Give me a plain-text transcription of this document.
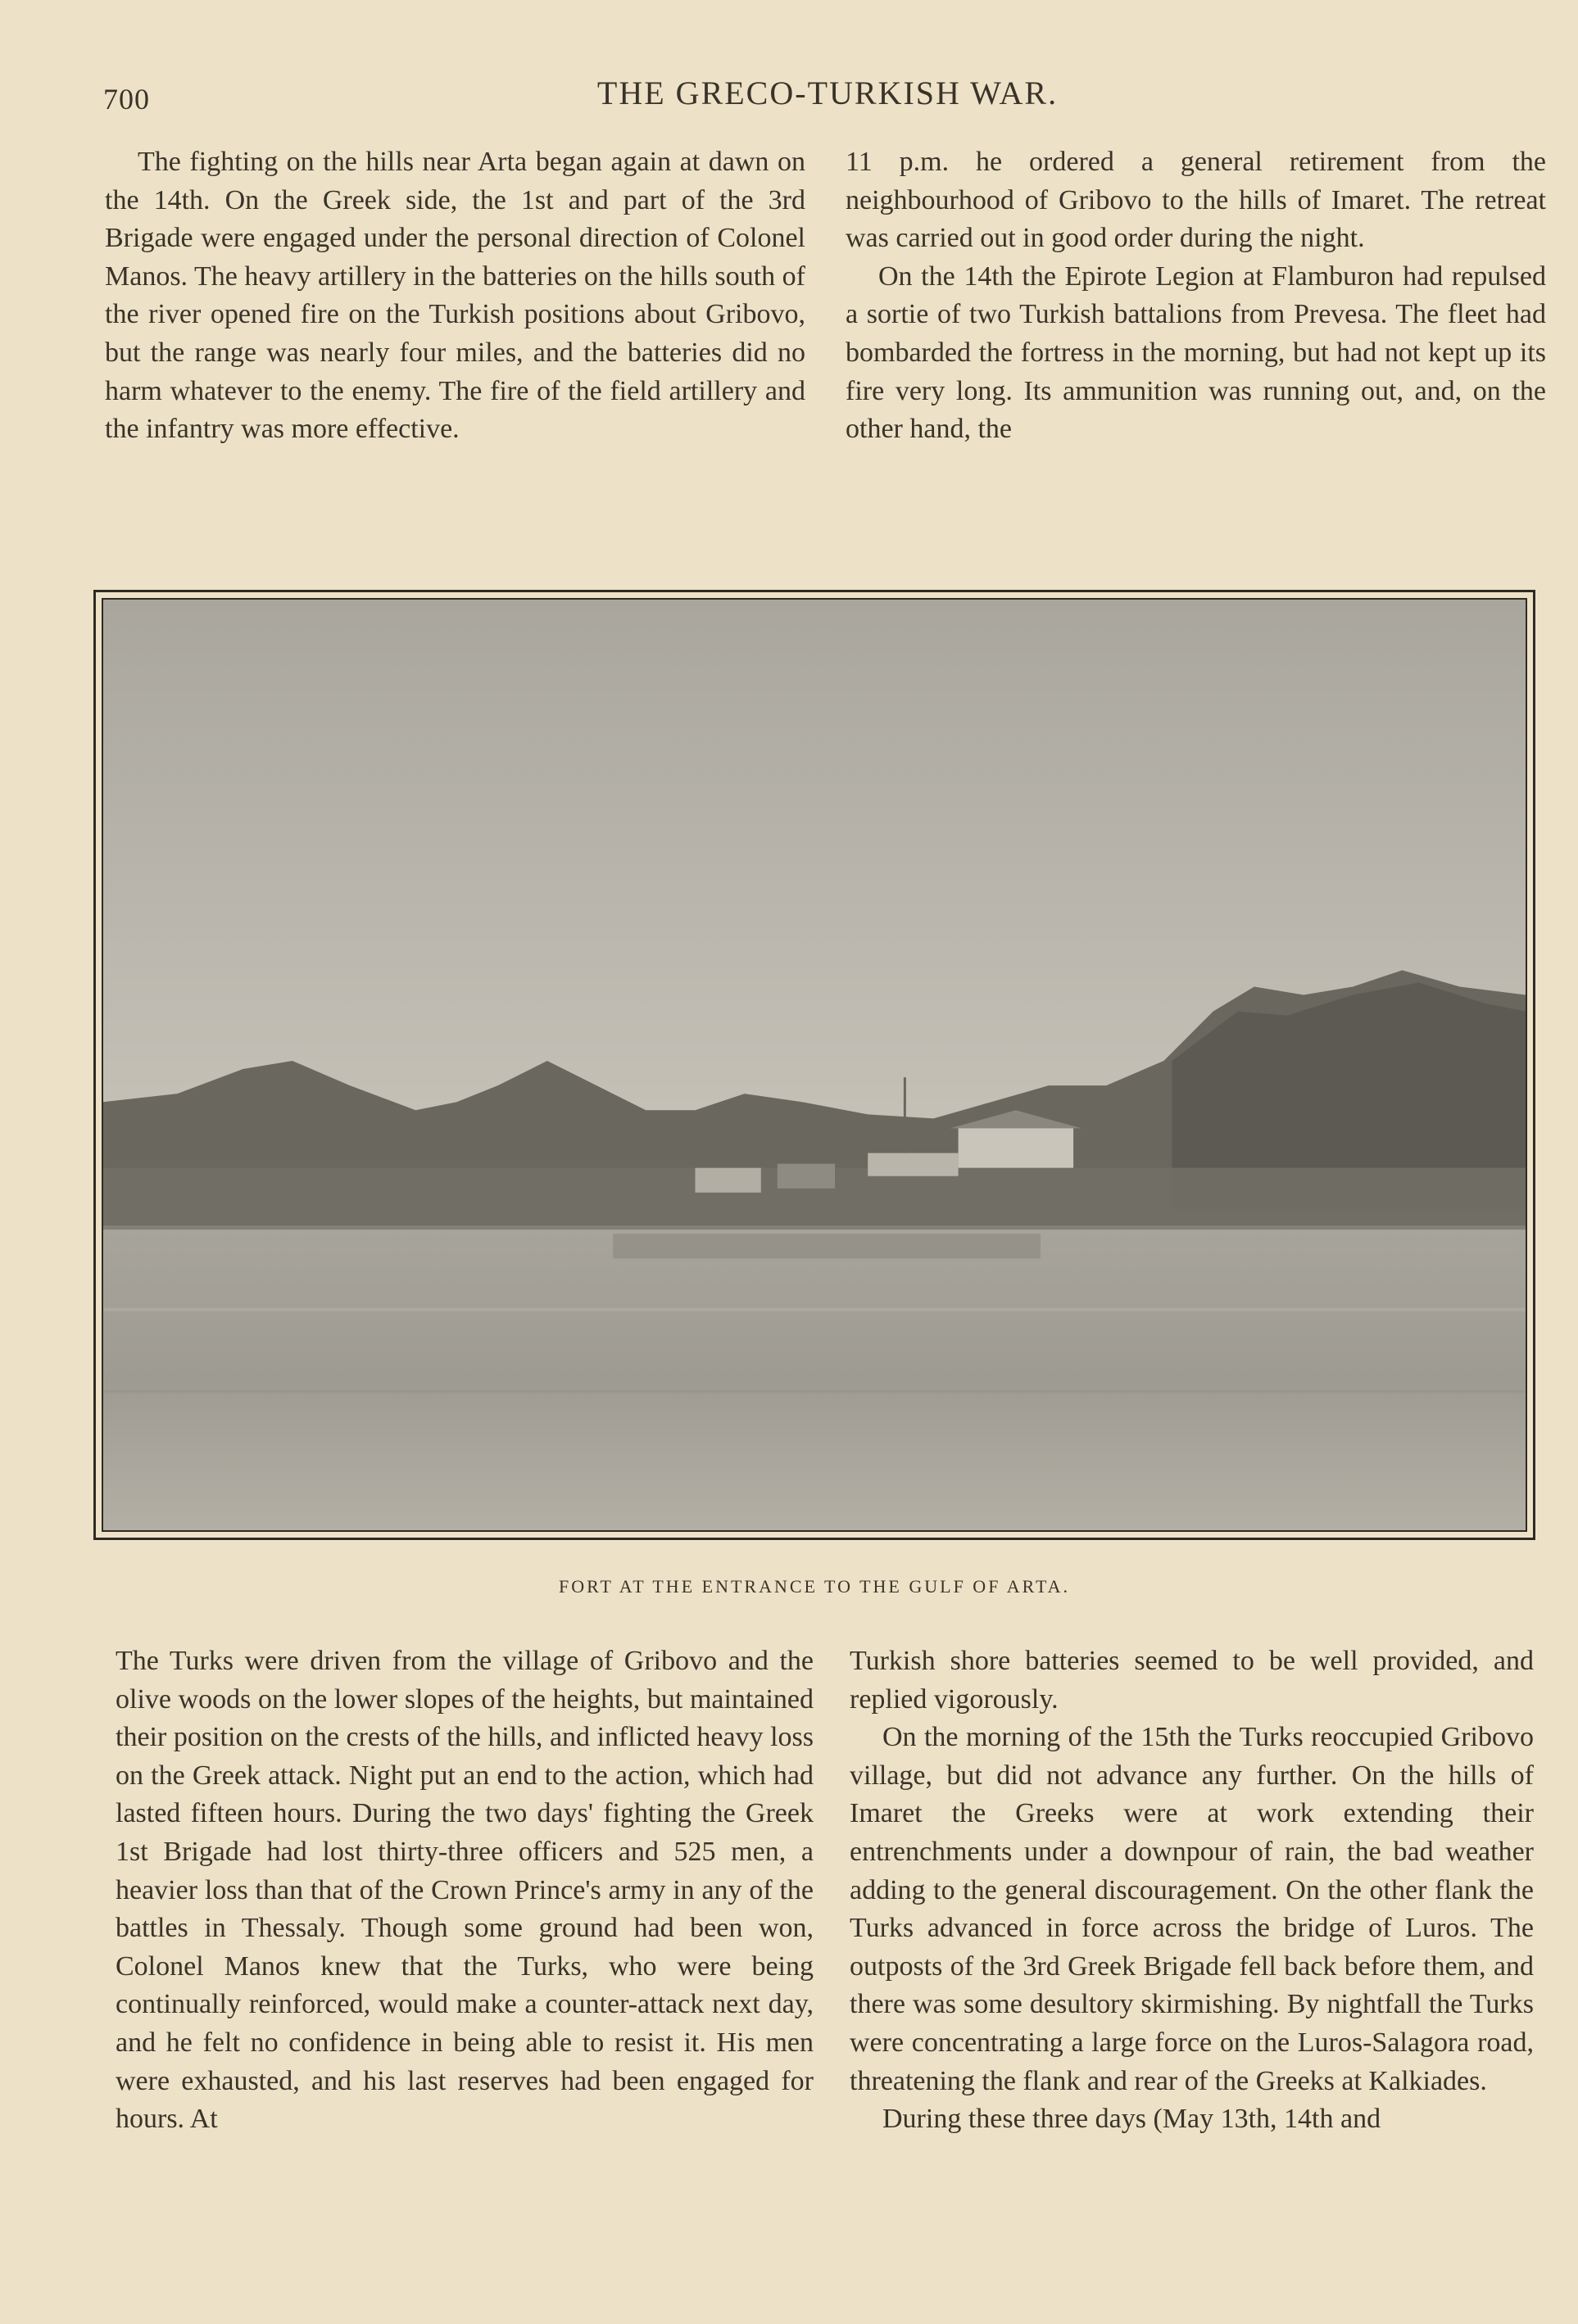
700	THE GRECO-TURKISH WAR.

The fighting on the hills near Arta began again at dawn on the 14th. On the Greek side, the 1st and part of the 3rd Brigade were engaged under the personal direction of Colonel Manos. The heavy artillery in the batteries on the hills south of the river opened fire on the Turkish positions about Gribovo, but the range was nearly four miles, and the batteries did no harm whatever to the enemy. The fire of the field artillery and the infantry was more effective.

11 p.m. he ordered a general retirement from the neighbourhood of Gribovo to the hills of Imaret. The retreat was carried out in good order during the night.

On the 14th the Epirote Legion at Flamburon had repulsed a sortie of two Turkish battalions from Prevesa. The fleet had bombarded the fortress in the morning, but had not kept up its fire very long. Its ammunition was running out, and, on the other hand, the

FORT AT THE ENTRANCE TO THE GULF OF ARTA.

The Turks were driven from the village of Gribovo and the olive woods on the lower slopes of the heights, but maintained their position on the crests of the hills, and inflicted heavy loss on the Greek attack. Night put an end to the action, which had lasted fifteen hours. During the two days' fighting the Greek 1st Brigade had lost thirty-three officers and 525 men, a heavier loss than that of the Crown Prince's army in any of the battles in Thessaly. Though some ground had been won, Colonel Manos knew that the Turks, who were being continually reinforced, would make a counter-attack next day, and he felt no confidence in being able to resist it. His men were exhausted, and his last reserves had been engaged for hours. At

Turkish shore batteries seemed to be well provided, and replied vigorously.

On the morning of the 15th the Turks reoccupied Gribovo village, but did not advance any further. On the hills of Imaret the Greeks were at work extending their entrenchments under a downpour of rain, the bad weather adding to the general discouragement. On the other flank the Turks advanced in force across the bridge of Luros. The outposts of the 3rd Greek Brigade fell back before them, and there was some desultory skirmishing. By nightfall the Turks were concentrating a large force on the Luros-Salagora road, threatening the flank and rear of the Greeks at Kalkiades.

During these three days (May 13th, 14th and
